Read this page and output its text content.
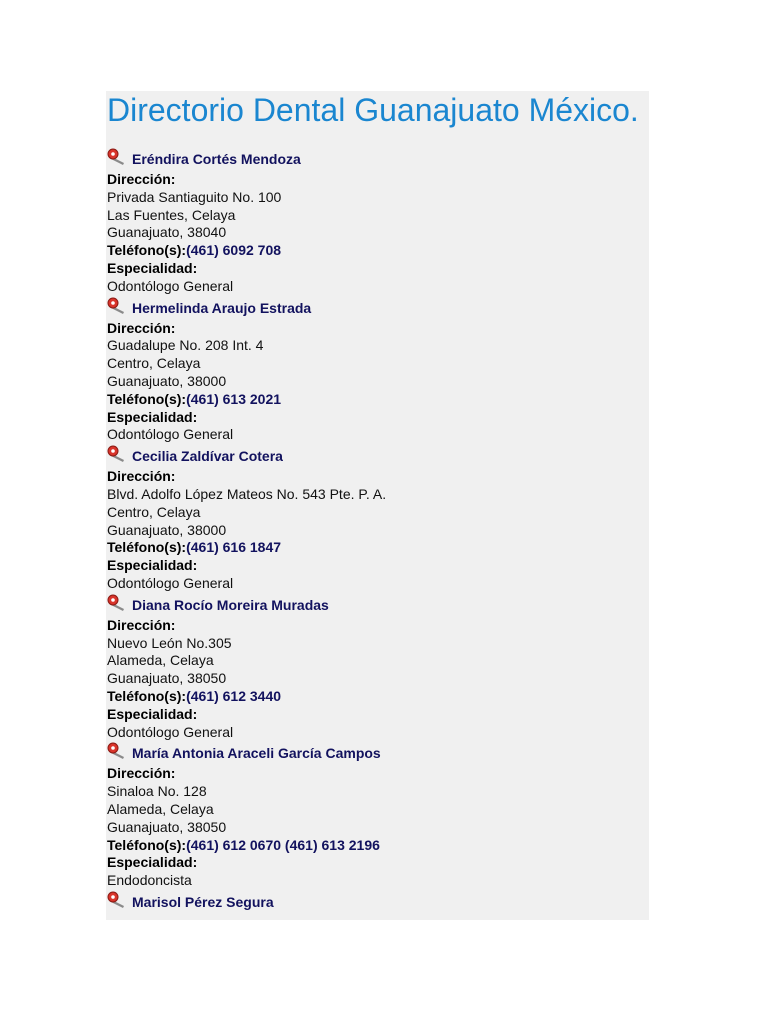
Directorio Dental Guanajuato México.
Eréndira Cortés Mendoza
Dirección:
Privada Santiaguito No. 100
Las Fuentes, Celaya
Guanajuato, 38040
Teléfono(s):(461) 6092 708
Especialidad:
Odontólogo General
Hermelinda Araujo Estrada
Dirección:
Guadalupe No. 208 Int. 4
Centro, Celaya
Guanajuato, 38000
Teléfono(s):(461) 613 2021
Especialidad:
Odontólogo General
Cecilia Zaldívar Cotera
Dirección:
Blvd. Adolfo López Mateos No. 543 Pte. P. A.
Centro, Celaya
Guanajuato, 38000
Teléfono(s):(461) 616 1847
Especialidad:
Odontólogo General
Diana Rocío Moreira Muradas
Dirección:
Nuevo León No.305
Alameda, Celaya
Guanajuato, 38050
Teléfono(s):(461) 612 3440
Especialidad:
Odontólogo General
María Antonia Araceli García Campos
Dirección:
Sinaloa No. 128
Alameda, Celaya
Guanajuato, 38050
Teléfono(s):(461) 612 0670 (461) 613 2196
Especialidad:
Endodoncista
Marisol Pérez Segura
